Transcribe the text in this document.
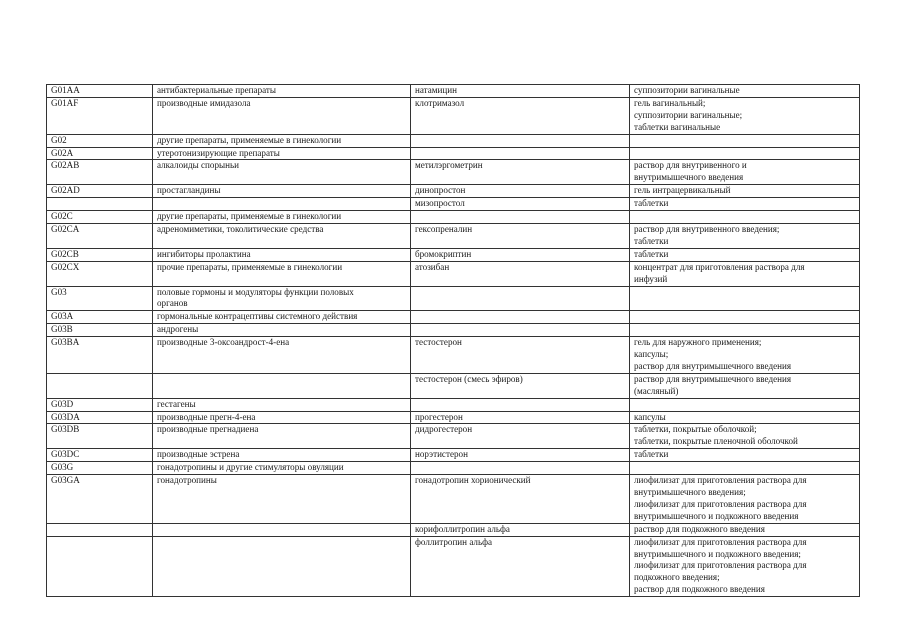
G01AA	антибактериальные препараты	натамицин	суппозитории вагинальные
G01AF	производные имидазола	клотримазол	гель вагинальный;
суппозитории вагинальные;
таблетки вагинальные
G02	другие препараты, применяемые в гинекологии		
G02A	утеротонизирующие препараты		
G02AB	алкалоиды спорыньи	метилэргометрин	раствор для внутривенного и
внутримышечного введения
G02AD	простагландины	динопростон	гель интрацервикальный
		мизопростол	таблетки
G02C	другие препараты, применяемые в гинекологии		
G02CA	адреномиметики, токолитические средства	гексопреналин	раствор для внутривенного введения;
таблетки
G02CB	ингибиторы пролактина	бромокриптин	таблетки
G02CX	прочие препараты, применяемые в гинекологии	атозибан	концентрат для приготовления раствора для
инфузий
G03	половые гормоны и модуляторы функции половых
органов		
G03A	гормональные контрацептивы системного действия		
G03B	андрогены		
G03BA	производные 3-оксоандрост-4-ена	тестостерон	гель для наружного применения;
капсулы;
раствор для внутримышечного введения
		тестостерон (смесь эфиров)	раствор для внутримышечного введения
(масляный)
G03D	гестагены		
G03DA	производные прегн-4-ена	прогестерон	капсулы
G03DB	производные прегнадиена	дидрогестерон	таблетки, покрытые оболочкой;
таблетки, покрытые пленочной оболочкой
G03DC	производные эстрена	норэтистерон	таблетки
G03G	гонадотропины и другие стимуляторы овуляции		
G03GA	гонадотропины	гонадотропин хорионический	лиофилизат для приготовления раствора для
внутримышечного введения;
лиофилизат для приготовления раствора для
внутримышечного и подкожного введения
		корифоллитропин альфа	раствор для подкожного введения
		фоллитропин альфа	лиофилизат для приготовления раствора для
внутримышечного и подкожного введения;
лиофилизат для приготовления раствора для
подкожного введения;
раствор для подкожного введения
